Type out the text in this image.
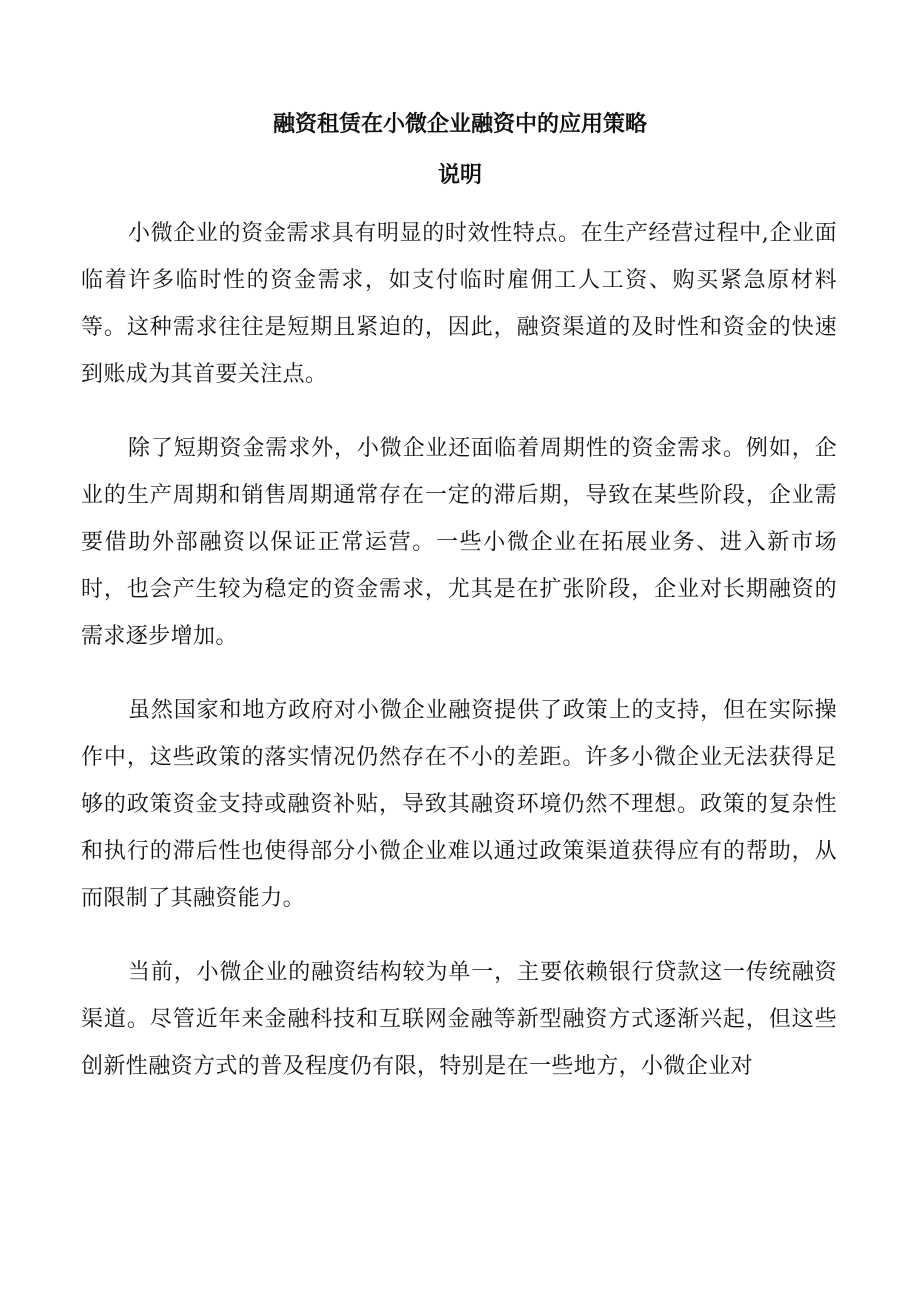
融资租赁在小微企业融资中的应用策略
说明

小微企业的资金需求具有明显的时效性特点。在生产经营过程中,企业面临着许多临时性的资金需求，如支付临时雇佣工人工资、购买紧急原材料等。这种需求往往是短期且紧迫的，因此，融资渠道的及时性和资金的快速到账成为其首要关注点。

除了短期资金需求外，小微企业还面临着周期性的资金需求。例如，企业的生产周期和销售周期通常存在一定的滞后期，导致在某些阶段，企业需要借助外部融资以保证正常运营。一些小微企业在拓展业务、进入新市场时，也会产生较为稳定的资金需求，尤其是在扩张阶段，企业对长期融资的需求逐步增加。

虽然国家和地方政府对小微企业融资提供了政策上的支持，但在实际操作中，这些政策的落实情况仍然存在不小的差距。许多小微企业无法获得足够的政策资金支持或融资补贴，导致其融资环境仍然不理想。政策的复杂性和执行的滞后性也使得部分小微企业难以通过政策渠道获得应有的帮助，从而限制了其融资能力。

当前，小微企业的融资结构较为单一，主要依赖银行贷款这一传统融资渠道。尽管近年来金融科技和互联网金融等新型融资方式逐渐兴起，但这些创新性融资方式的普及程度仍有限，特别是在一些地方，小微企业对
